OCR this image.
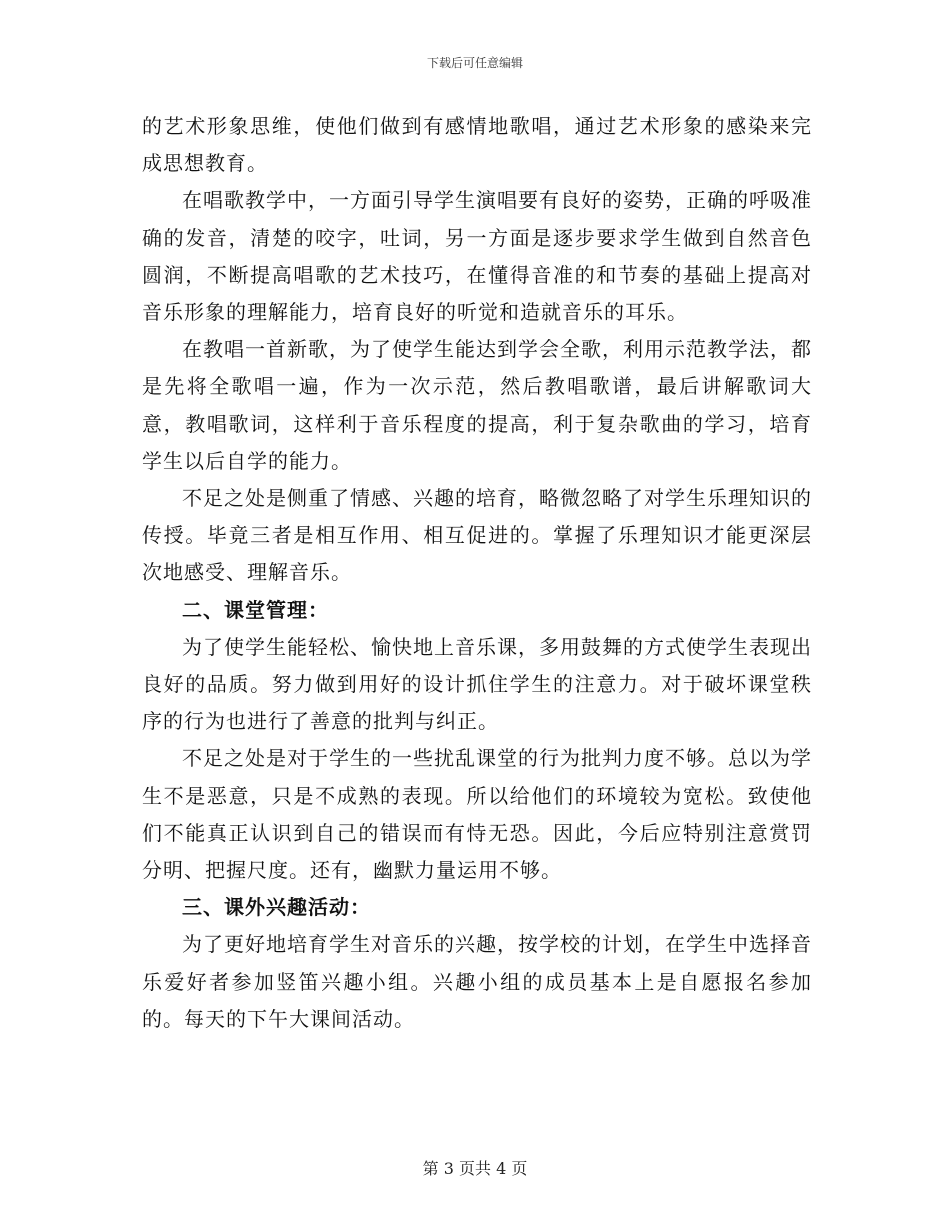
下载后可任意编辑

的艺术形象思维，使他们做到有感情地歌唱，通过艺术形象的感染来完成思想教育。

在唱歌教学中，一方面引导学生演唱要有良好的姿势，正确的呼吸准确的发音，清楚的咬字，吐词，另一方面是逐步要求学生做到自然音色圆润，不断提高唱歌的艺术技巧，在懂得音准的和节奏的基础上提高对音乐形象的理解能力，培育良好的听觉和造就音乐的耳乐。

在教唱一首新歌，为了使学生能达到学会全歌，利用示范教学法，都是先将全歌唱一遍，作为一次示范，然后教唱歌谱，最后讲解歌词大意，教唱歌词，这样利于音乐程度的提高，利于复杂歌曲的学习，培育学生以后自学的能力。

不足之处是侧重了情感、兴趣的培育，略微忽略了对学生乐理知识的传授。毕竟三者是相互作用、相互促进的。掌握了乐理知识才能更深层次地感受、理解音乐。

二、课堂管理：

为了使学生能轻松、愉快地上音乐课，多用鼓舞的方式使学生表现出良好的品质。努力做到用好的设计抓住学生的注意力。对于破坏课堂秩序的行为也进行了善意的批判与纠正。

不足之处是对于学生的一些扰乱课堂的行为批判力度不够。总以为学生不是恶意，只是不成熟的表现。所以给他们的环境较为宽松。致使他们不能真正认识到自己的错误而有恃无恐。因此，今后应特别注意赏罚分明、把握尺度。还有，幽默力量运用不够。

三、课外兴趣活动：

为了更好地培育学生对音乐的兴趣，按学校的计划，在学生中选择音乐爱好者参加竖笛兴趣小组。兴趣小组的成员基本上是自愿报名参加的。每天的下午大课间活动。

第 3 页共 4 页
